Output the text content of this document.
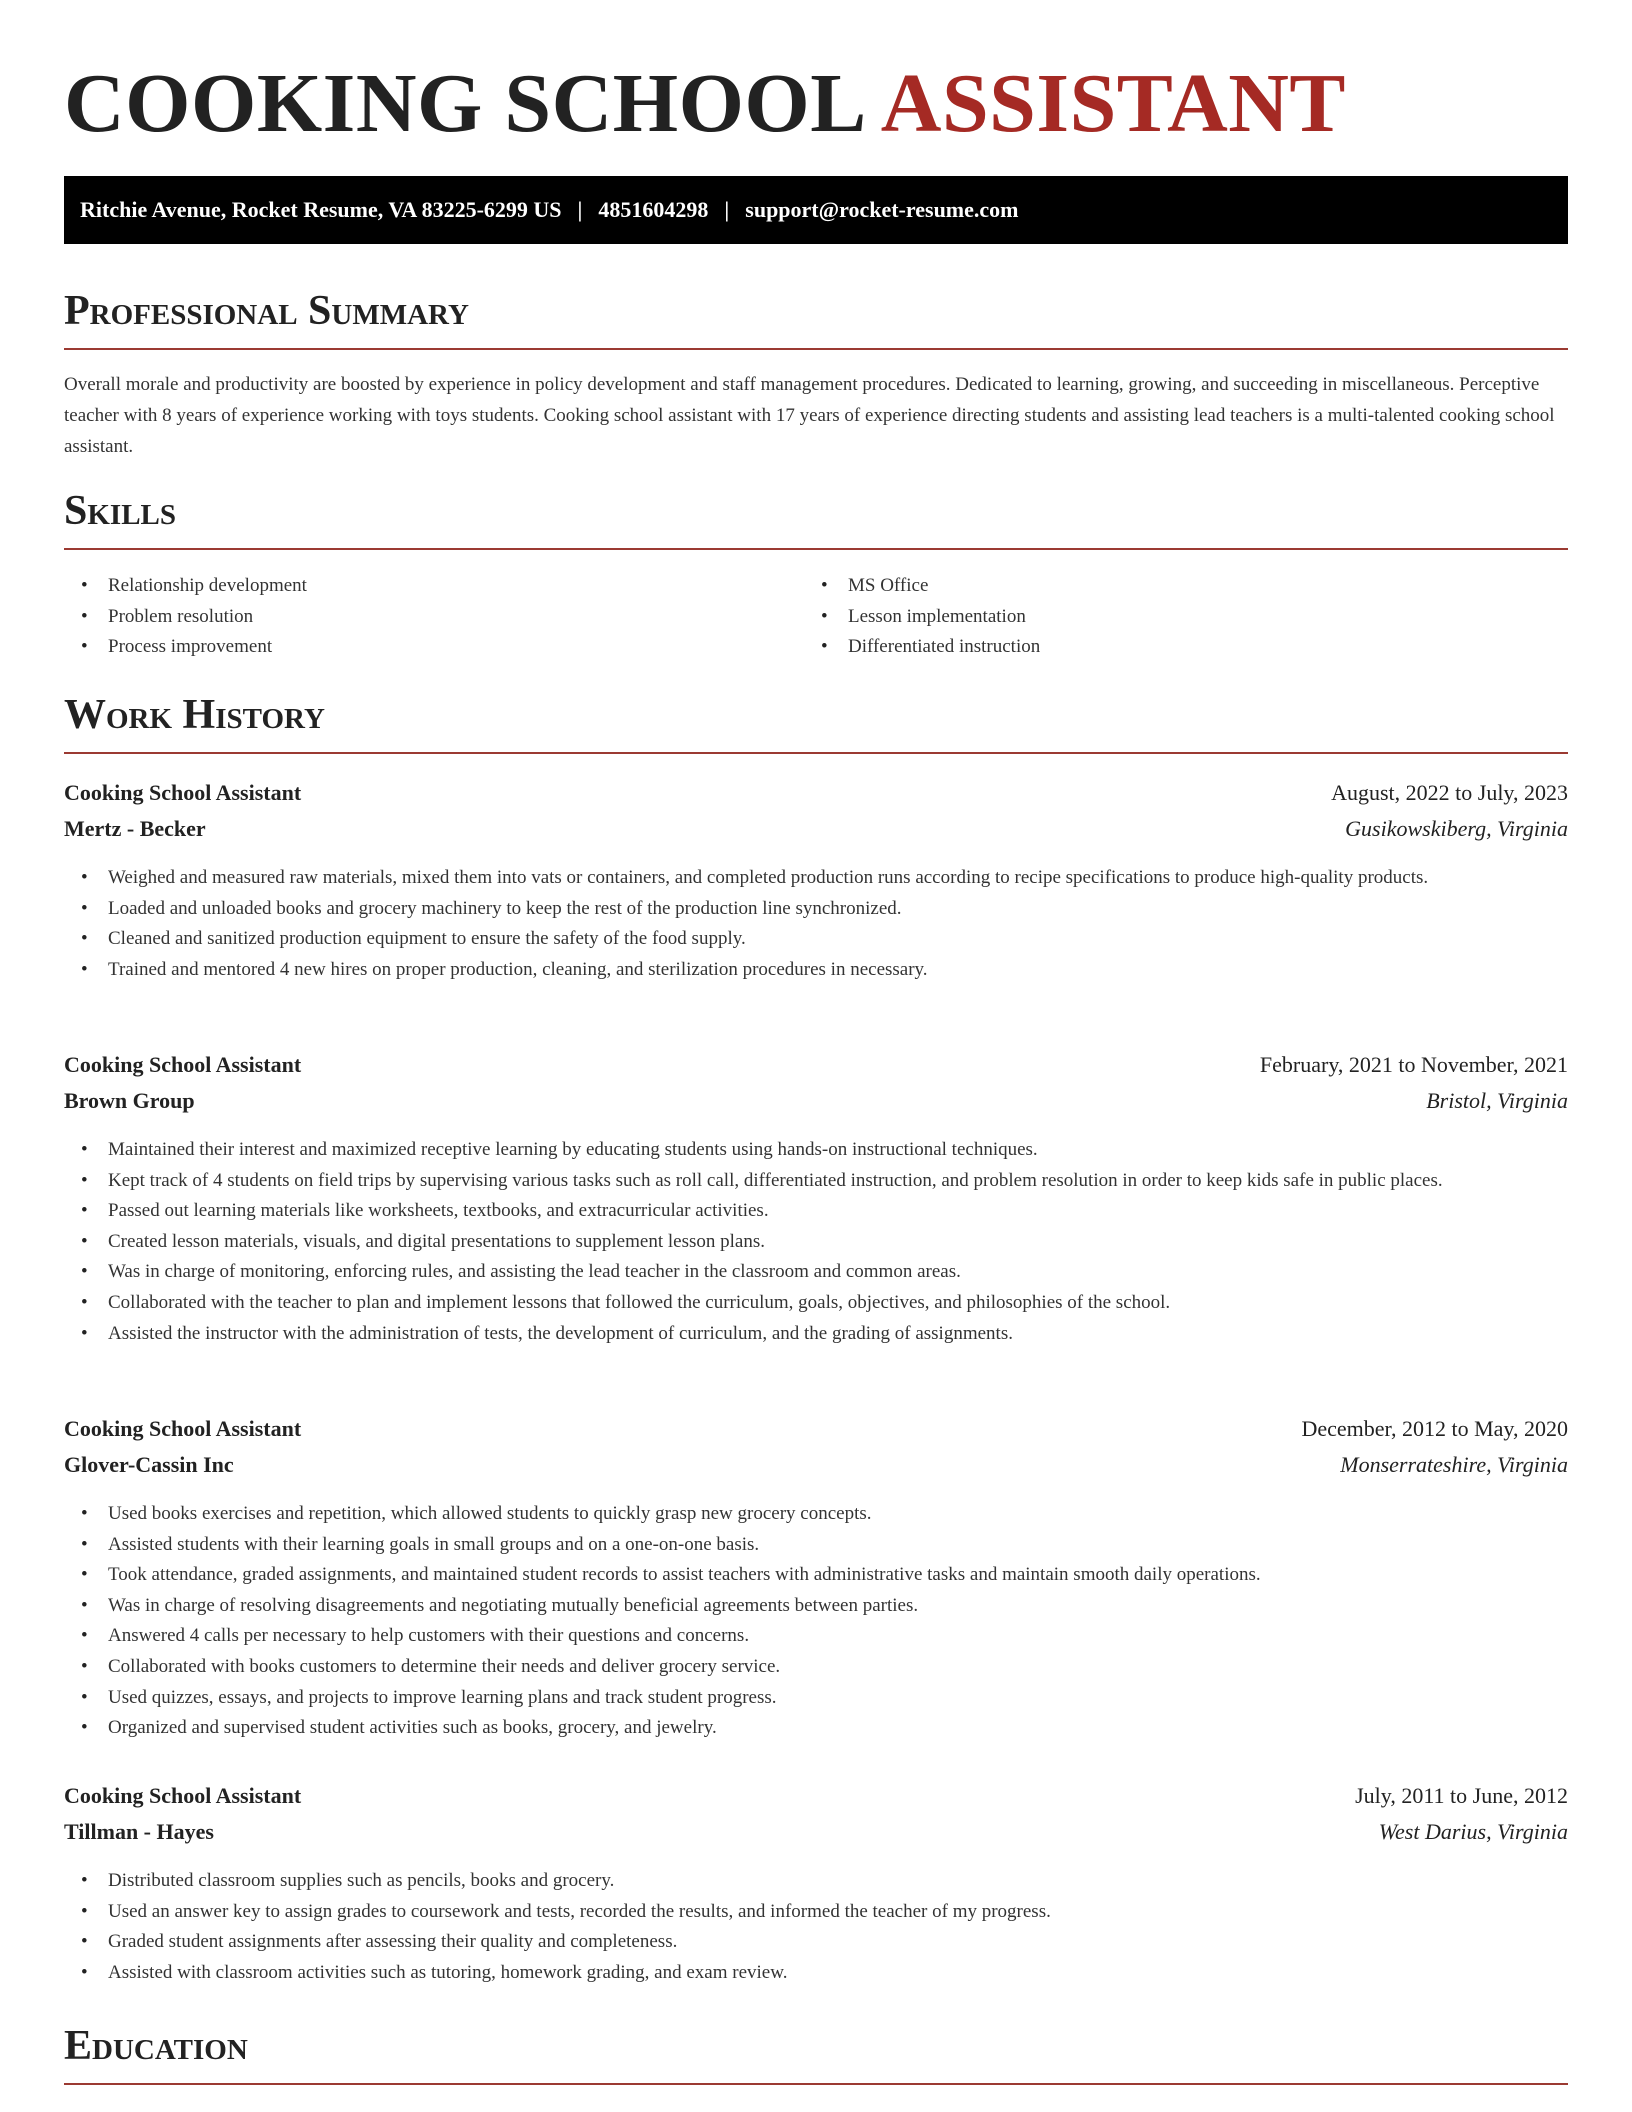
COOKING SCHOOL ASSISTANT
Ritchie Avenue, Rocket Resume, VA 83225-6299 US | 4851604298 | support@rocket-resume.com
Professional Summary

Overall morale and productivity are boosted by experience in policy development and staff management procedures. Dedicated to learning, growing, and succeeding in miscellaneous. Perceptive teacher with 8 years of experience working with toys students. Cooking school assistant with 17 years of experience directing students and assisting lead teachers is a multi-talented cooking school assistant.

Skills
• Relationship development
• Problem resolution
• Process improvement
• MS Office
• Lesson implementation
• Differentiated instruction
Work History
Cooking School Assistant	August, 2022 to July, 2023
Mertz - Becker	Gusikowskiberg, Virginia
• Weighed and measured raw materials, mixed them into vats or containers, and completed production runs according to recipe specifications to produce high-quality products.
• Loaded and unloaded books and grocery machinery to keep the rest of the production line synchronized.
• Cleaned and sanitized production equipment to ensure the safety of the food supply.
• Trained and mentored 4 new hires on proper production, cleaning, and sterilization procedures in necessary.
Cooking School Assistant	February, 2021 to November, 2021
Brown Group	Bristol, Virginia
• Maintained their interest and maximized receptive learning by educating students using hands-on instructional techniques.
• Kept track of 4 students on field trips by supervising various tasks such as roll call, differentiated instruction, and problem resolution in order to keep kids safe in public places.
• Passed out learning materials like worksheets, textbooks, and extracurricular activities.
• Created lesson materials, visuals, and digital presentations to supplement lesson plans.
• Was in charge of monitoring, enforcing rules, and assisting the lead teacher in the classroom and common areas.
• Collaborated with the teacher to plan and implement lessons that followed the curriculum, goals, objectives, and philosophies of the school.
• Assisted the instructor with the administration of tests, the development of curriculum, and the grading of assignments.
Cooking School Assistant	December, 2012 to May, 2020
Glover-Cassin Inc	Monserrateshire, Virginia
• Used books exercises and repetition, which allowed students to quickly grasp new grocery concepts.
• Assisted students with their learning goals in small groups and on a one-on-one basis.
• Took attendance, graded assignments, and maintained student records to assist teachers with administrative tasks and maintain smooth daily operations.
• Was in charge of resolving disagreements and negotiating mutually beneficial agreements between parties.
• Answered 4 calls per necessary to help customers with their questions and concerns.
• Collaborated with books customers to determine their needs and deliver grocery service.
• Used quizzes, essays, and projects to improve learning plans and track student progress.
• Organized and supervised student activities such as books, grocery, and jewelry.
Cooking School Assistant	July, 2011 to June, 2012
Tillman - Hayes	West Darius, Virginia
• Distributed classroom supplies such as pencils, books and grocery.
• Used an answer key to assign grades to coursework and tests, recorded the results, and informed the teacher of my progress.
• Graded student assignments after assessing their quality and completeness.
• Assisted with classroom activities such as tutoring, homework grading, and exam review.
Education
